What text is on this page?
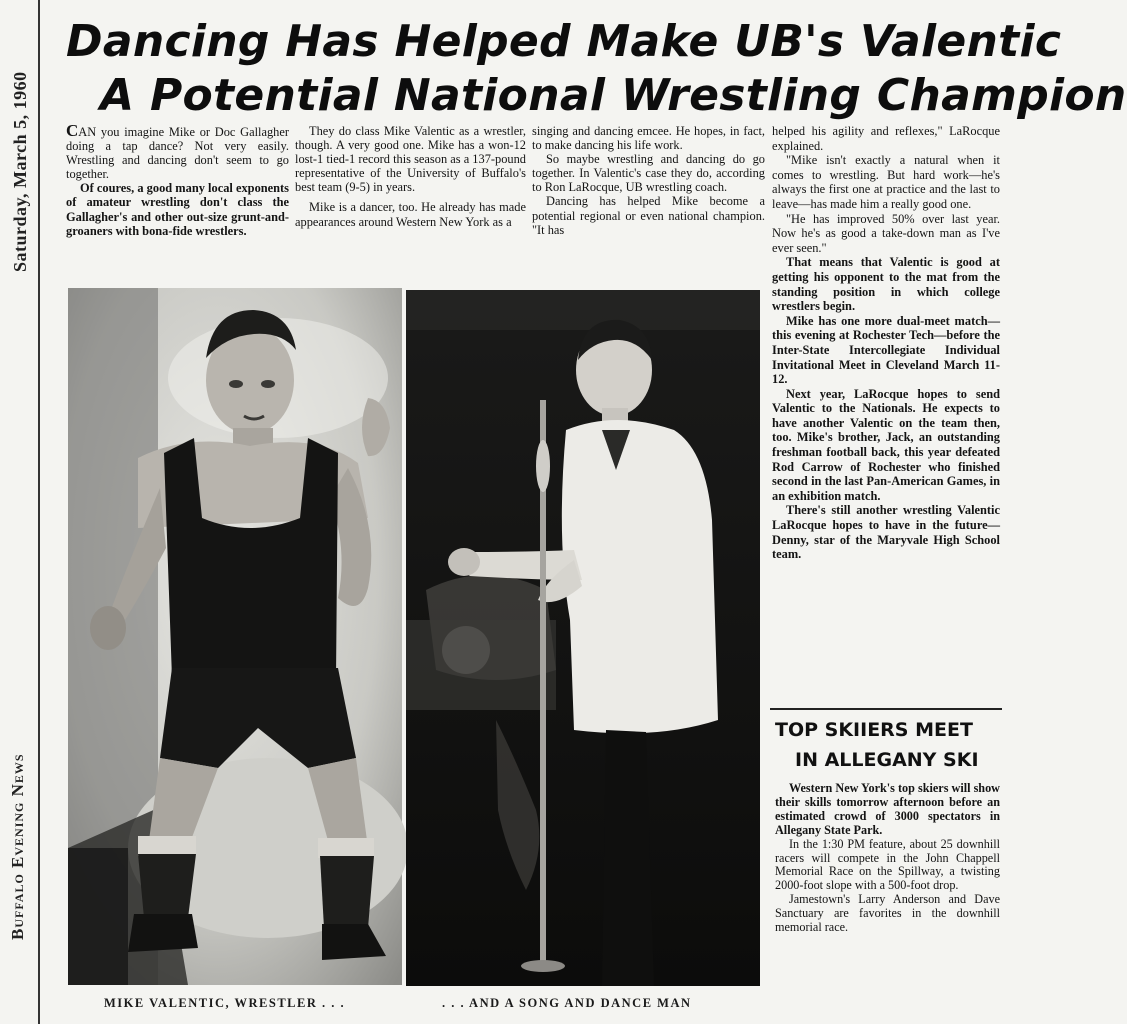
Saturday, March 5, 1960
Buffalo Evening News
Dancing Has Helped Make UB's Valentic
A Potential National Wrestling Champion

CAN you imagine Mike or Doc Gallagher doing a tap dance? Not very easily. Wrestling and dancing don't seem to go together.

Of coures, a good many local exponents of amateur wrestling don't class the Gallagher's and other out-size grunt-and-groaners with bona-fide wrestlers.

They do class Mike Valentic as a wrestler, though. A very good one. Mike has a won-12 lost-1 tied-1 record this season as a 137-pound representative of the University of Buffalo's best team (9-5) in years.

Mike is a dancer, too. He already has made appearances around Western New York as a

singing and dancing emcee. He hopes, in fact, to make dancing his life work.

So maybe wrestling and dancing do go together. In Valentic's case they do, according to Ron LaRocque, UB wrestling coach.

Dancing has helped Mike become a potential regional or even national champion. "It has

helped his agility and reflexes," LaRocque explained.

"Mike isn't exactly a natural when it comes to wrestling. But hard work—he's always the first one at practice and the last to leave—has made him a really good one.

"He has improved 50% over last year. Now he's as good a take-down man as I've ever seen."

That means that Valentic is good at getting his opponent to the mat from the standing position in which college wrestlers begin.

Mike has one more dual-meet match—this evening at Rochester Tech—before the Inter-State Intercollegiate Individual Invitational Meet in Cleveland March 11-12.

Next year, LaRocque hopes to send Valentic to the Nationals. He expects to have another Valentic on the team then, too. Mike's brother, Jack, an outstanding freshman football back, this year defeated Rod Carrow of Rochester who finished second in the last Pan-American Games, in an exhibition match.

There's still another wrestling Valentic LaRocque hopes to have in the future—Denny, star of the Maryvale High School team.

MIKE VALENTIC, WRESTLER . . .	. . . AND A SONG AND DANCE MAN

TOP SKIIERS MEET
IN ALLEGANY SKI

Western New York's top skiers will show their skills tomorrow afternoon before an estimated crowd of 3000 spectators in Allegany State Park.

In the 1:30 PM feature, about 25 downhill racers will compete in the John Chappell Memorial Race on the Spillway, a twisting 2000-foot slope with a 500-foot drop.

Jamestown's Larry Anderson and Dave Sanctuary are favorites in the downhill memorial race.
